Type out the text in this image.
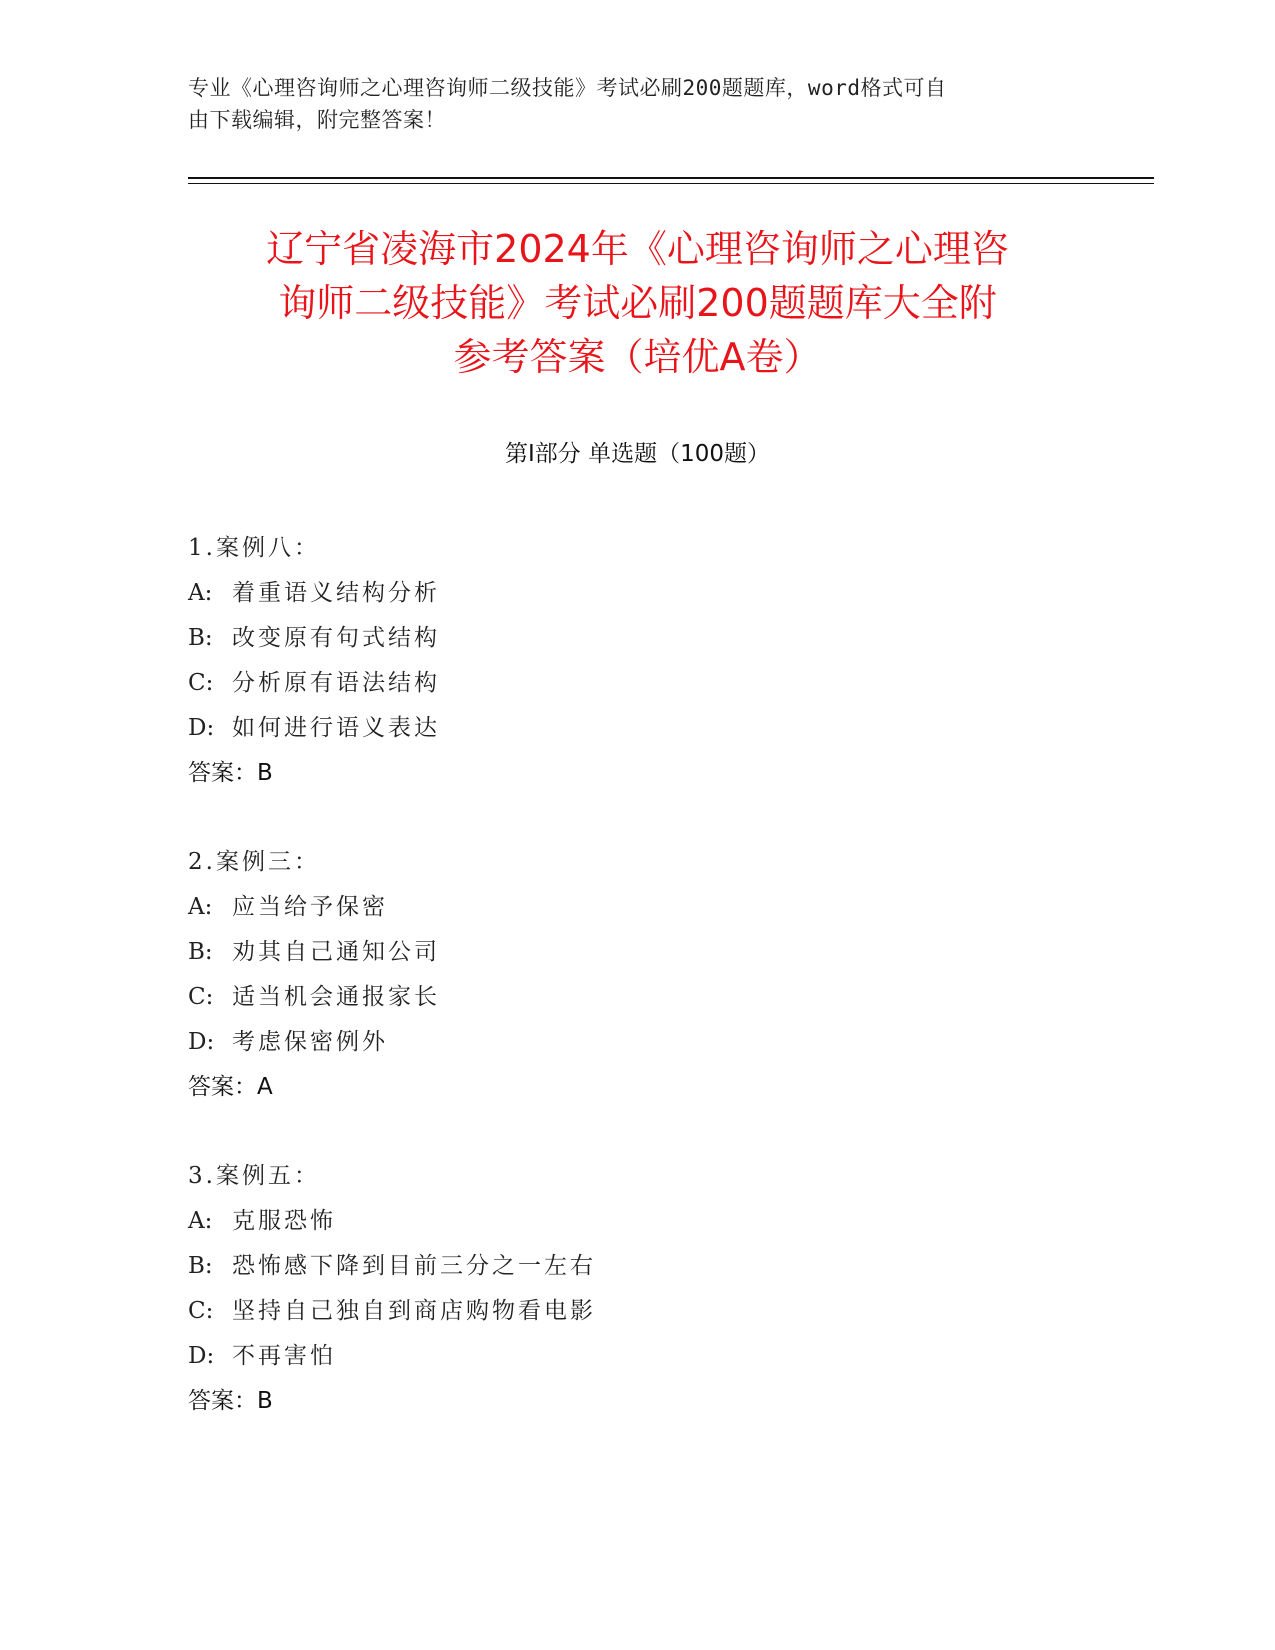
专业《心理咨询师之心理咨询师二级技能》考试必刷200题题库，word格式可自
由下载编辑，附完整答案！
辽宁省凌海市2024年《心理咨询师之心理咨
询师二级技能》考试必刷200题题库大全附
参考答案（培优A卷）
第Ⅰ部分 单选题（100题）
1.案例八：
A: 着重语义结构分析
B: 改变原有句式结构
C: 分析原有语法结构
D: 如何进行语义表达
答案：B
2.案例三：
A: 应当给予保密
B: 劝其自己通知公司
C: 适当机会通报家长
D: 考虑保密例外
答案：A
3.案例五：
A: 克服恐怖
B: 恐怖感下降到目前三分之一左右
C: 坚持自己独自到商店购物看电影
D: 不再害怕
答案：B
